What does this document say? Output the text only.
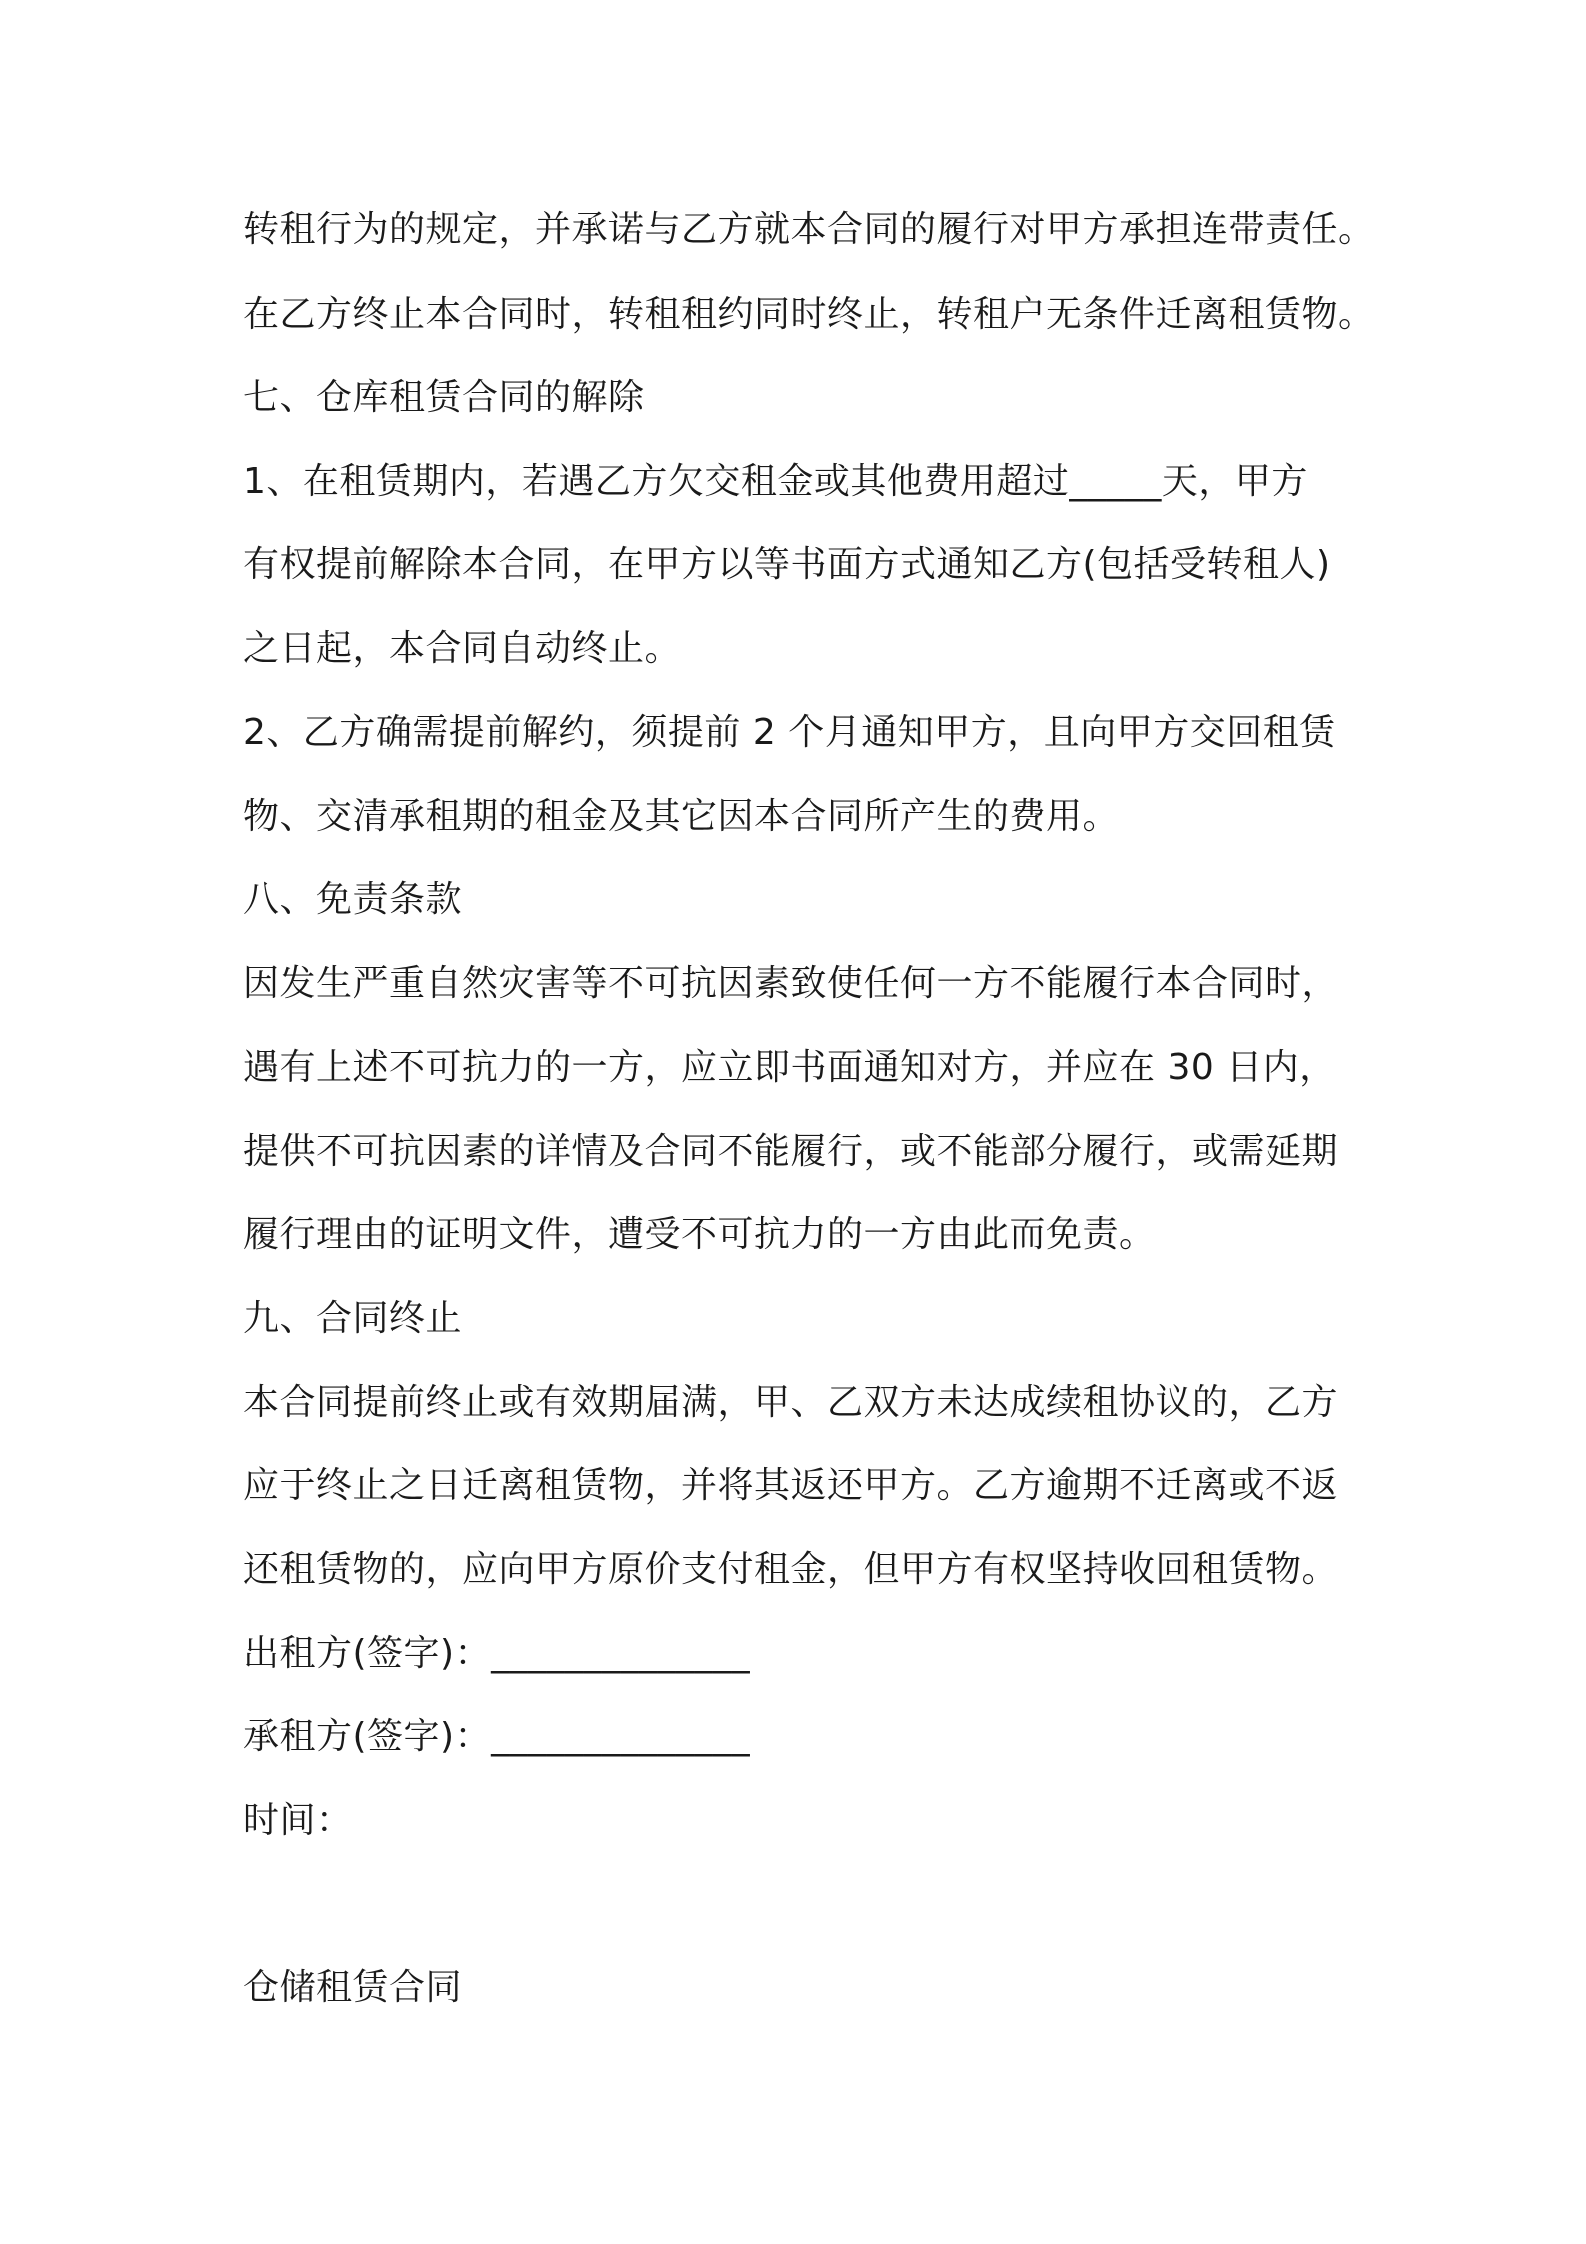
转租行为的规定，并承诺与乙方就本合同的履行对甲方承担连带责任。
在乙方终止本合同时，转租租约同时终止，转租户无条件迁离租赁物。
七、仓库租赁合同的解除
1、在租赁期内，若遇乙方欠交租金或其他费用超过_____天，甲方
有权提前解除本合同，在甲方以等书面方式通知乙方(包括受转租人)
之日起，本合同自动终止。
2、乙方确需提前解约，须提前 2 个月通知甲方，且向甲方交回租赁
物、交清承租期的租金及其它因本合同所产生的费用。
八、免责条款
因发生严重自然灾害等不可抗因素致使任何一方不能履行本合同时，
遇有上述不可抗力的一方，应立即书面通知对方，并应在 30 日内，
提供不可抗因素的详情及合同不能履行，或不能部分履行，或需延期
履行理由的证明文件，遭受不可抗力的一方由此而免责。
九、合同终止
本合同提前终止或有效期届满，甲、乙双方未达成续租协议的，乙方
应于终止之日迁离租赁物，并将其返还甲方。乙方逾期不迁离或不返
还租赁物的，应向甲方原价支付租金，但甲方有权坚持收回租赁物。
出租方(签字)：______________
承租方(签字)：______________
时间：
仓储租赁合同
